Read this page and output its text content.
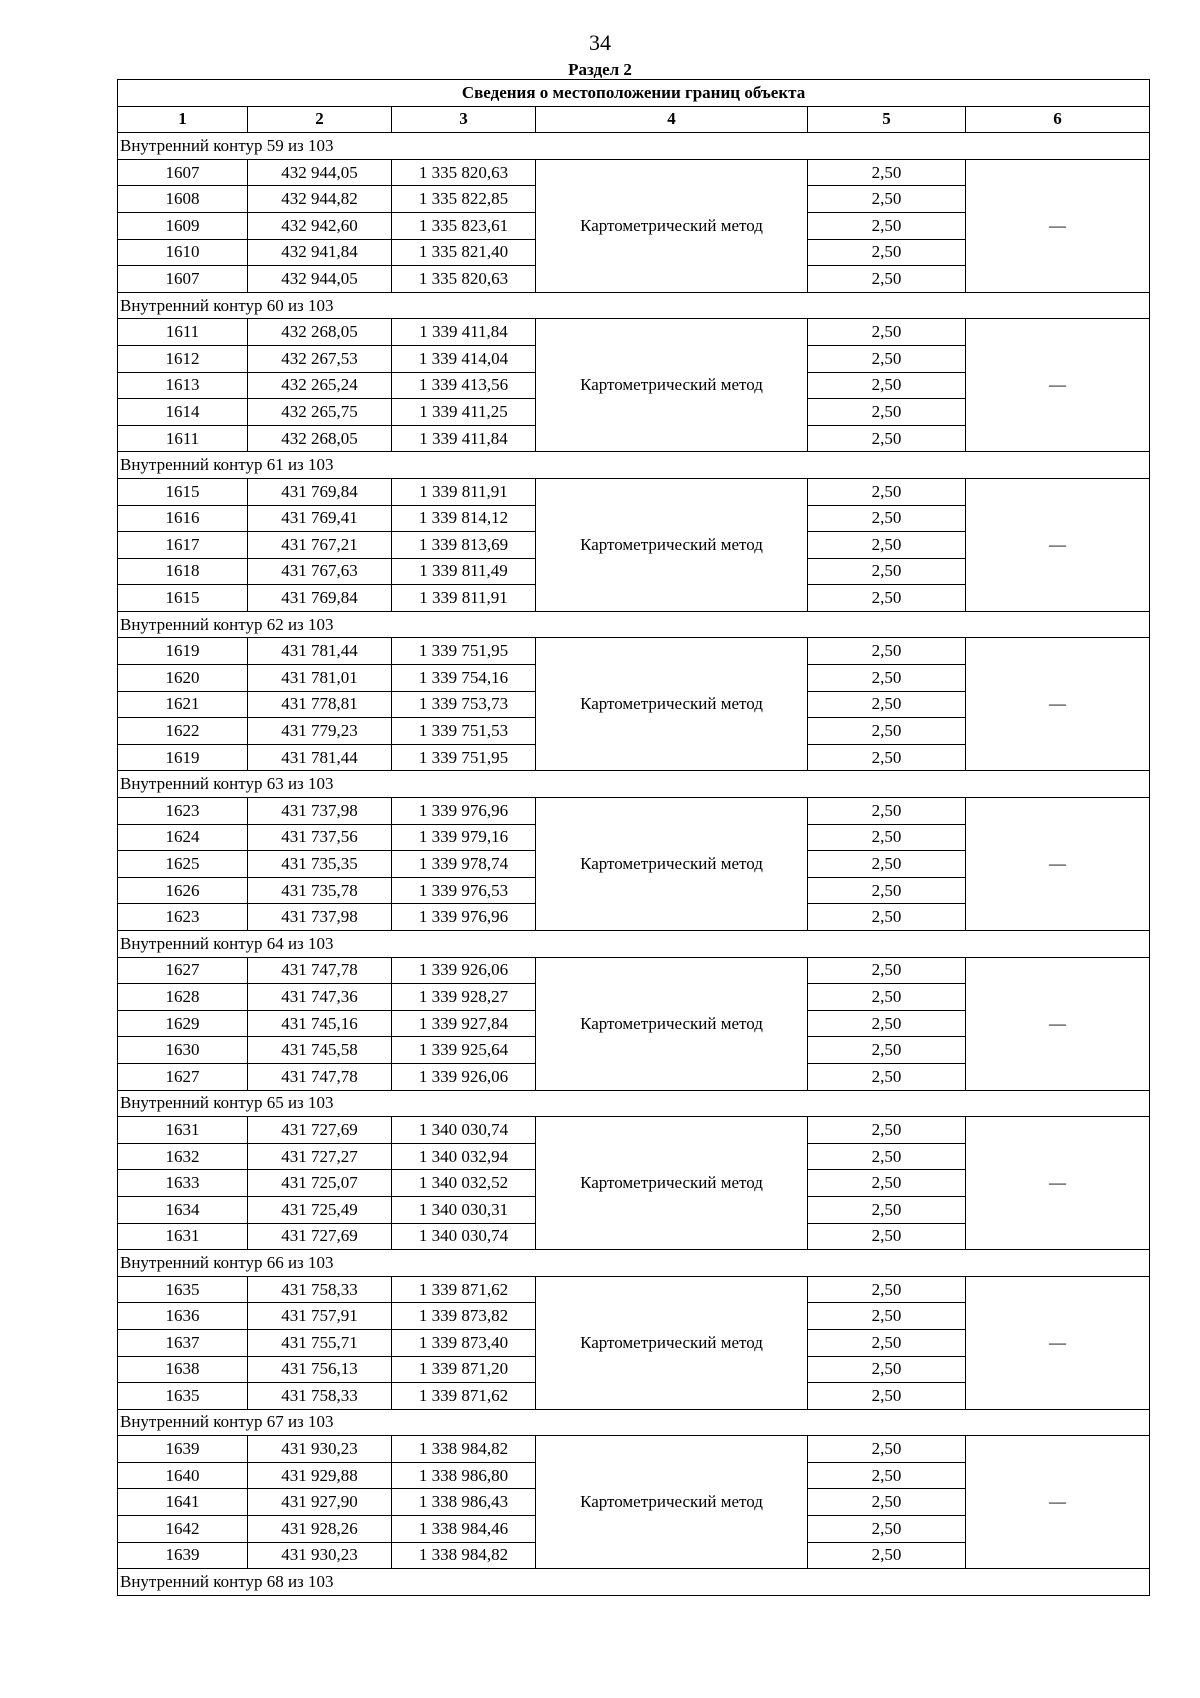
34
Раздел 2
Сведения о местоположении границ объекта					
1	2	3	4	5	6
Внутренний контур 59 из 103					
1607	432 944,05	1 335 820,63	Картометрический метод	2,50	—
1608	432 944,82	1 335 822,85		2,50	
1609	432 942,60	1 335 823,61		2,50	
1610	432 941,84	1 335 821,40		2,50	
1607	432 944,05	1 335 820,63		2,50	
Внутренний контур 60 из 103					
1611	432 268,05	1 339 411,84	Картометрический метод	2,50	—
1612	432 267,53	1 339 414,04		2,50	
1613	432 265,24	1 339 413,56		2,50	
1614	432 265,75	1 339 411,25		2,50	
1611	432 268,05	1 339 411,84		2,50	
Внутренний контур 61 из 103					
1615	431 769,84	1 339 811,91	Картометрический метод	2,50	—
1616	431 769,41	1 339 814,12		2,50	
1617	431 767,21	1 339 813,69		2,50	
1618	431 767,63	1 339 811,49		2,50	
1615	431 769,84	1 339 811,91		2,50	
Внутренний контур 62 из 103					
1619	431 781,44	1 339 751,95	Картометрический метод	2,50	—
1620	431 781,01	1 339 754,16		2,50	
1621	431 778,81	1 339 753,73		2,50	
1622	431 779,23	1 339 751,53		2,50	
1619	431 781,44	1 339 751,95		2,50	
Внутренний контур 63 из 103					
1623	431 737,98	1 339 976,96	Картометрический метод	2,50	—
1624	431 737,56	1 339 979,16		2,50	
1625	431 735,35	1 339 978,74		2,50	
1626	431 735,78	1 339 976,53		2,50	
1623	431 737,98	1 339 976,96		2,50	
Внутренний контур 64 из 103					
1627	431 747,78	1 339 926,06	Картометрический метод	2,50	—
1628	431 747,36	1 339 928,27		2,50	
1629	431 745,16	1 339 927,84		2,50	
1630	431 745,58	1 339 925,64		2,50	
1627	431 747,78	1 339 926,06		2,50	
Внутренний контур 65 из 103					
1631	431 727,69	1 340 030,74	Картометрический метод	2,50	—
1632	431 727,27	1 340 032,94		2,50	
1633	431 725,07	1 340 032,52		2,50	
1634	431 725,49	1 340 030,31		2,50	
1631	431 727,69	1 340 030,74		2,50	
Внутренний контур 66 из 103					
1635	431 758,33	1 339 871,62	Картометрический метод	2,50	—
1636	431 757,91	1 339 873,82		2,50	
1637	431 755,71	1 339 873,40		2,50	
1638	431 756,13	1 339 871,20		2,50	
1635	431 758,33	1 339 871,62		2,50	
Внутренний контур 67 из 103					
1639	431 930,23	1 338 984,82	Картометрический метод	2,50	—
1640	431 929,88	1 338 986,80		2,50	
1641	431 927,90	1 338 986,43		2,50	
1642	431 928,26	1 338 984,46		2,50	
1639	431 930,23	1 338 984,82		2,50	
Внутренний контур 68 из 103					
